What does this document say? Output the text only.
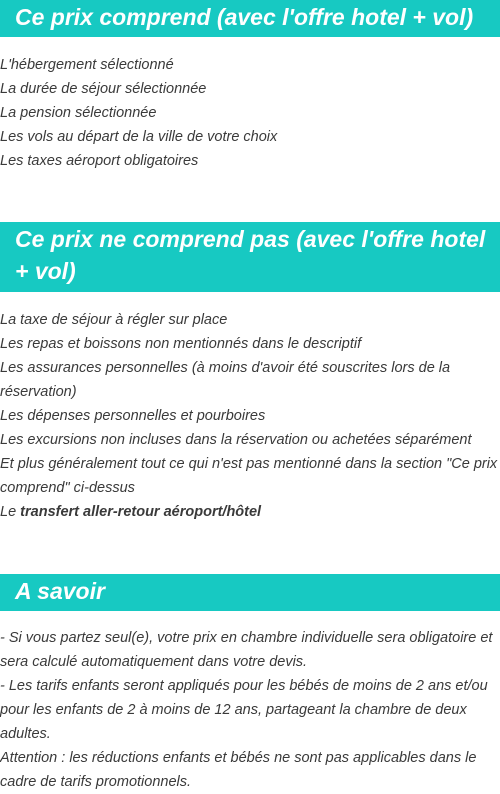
Ce prix comprend (avec l'offre hotel + vol)

L'hébergement sélectionné

La durée de séjour sélectionnée

La pension sélectionnée

Les vols au départ de la ville de votre choix

Les taxes aéroport obligatoires

Ce prix ne comprend pas (avec l'offre hotel + vol)

La taxe de séjour à régler sur place

Les repas et boissons non mentionnés dans le descriptif

Les assurances personnelles (à moins d'avoir été souscrites lors de la réservation)

Les dépenses personnelles et pourboires

Les excursions non incluses dans la réservation ou achetées séparément

Et plus généralement tout ce qui n'est pas mentionné dans la section "Ce prix comprend" ci-dessus

Le transfert aller-retour aéroport/hôtel

A savoir

- Si vous partez seul(e), votre prix en chambre individuelle sera obligatoire et sera calculé automatiquement dans votre devis.

- Les tarifs enfants seront appliqués pour les bébés de moins de 2 ans et/ou pour les enfants de 2 à moins de 12 ans, partageant la chambre de deux adultes.

Attention : les réductions enfants et bébés ne sont pas applicables dans le cadre de tarifs promotionnels.
